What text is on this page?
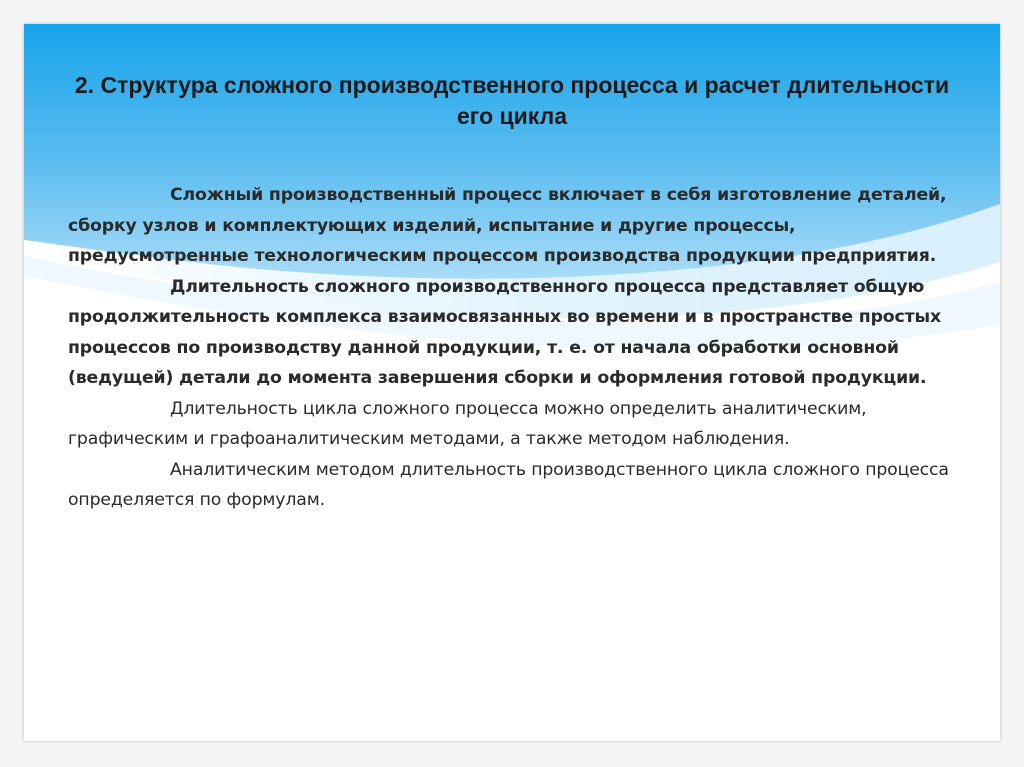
2. Структура сложного производственного процесса и расчет длительности его цикла

Сложный производственный процесс включает в себя изготовление деталей, сборку узлов и комплектующих изделий, испытание и другие процессы, предусмотренные технологическим процессом производства продукции предприятия.

Длительность сложного производственного процесса представляет общую продолжительность комплекса взаимосвязанных во времени и в пространстве простых процессов по производству данной продукции, т. е. от начала обработки основной (ведущей) детали до момента завершения сборки и оформления готовой продукции.

Длительность цикла сложного процесса можно определить аналитическим, графическим и графоаналитическим методами, а также методом наблюдения.

Аналитическим методом длительность производственного цикла сложного процесса определяется по формулам.
